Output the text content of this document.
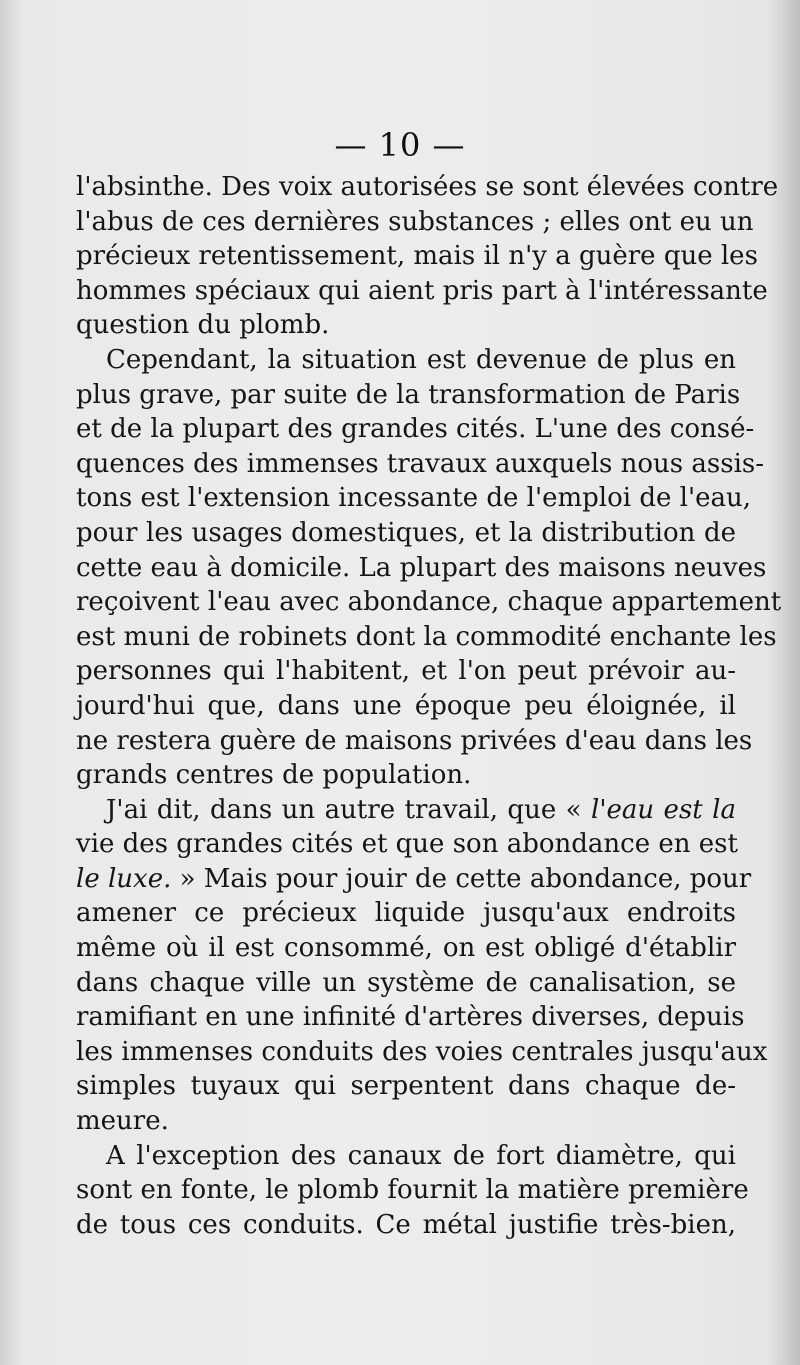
— 10 —
l'absinthe. Des voix autorisées se sont élevées contre
l'abus de ces dernières substances ; elles ont eu un
précieux retentissement, mais il n'y a guère que les
hommes spéciaux qui aient pris part à l'intéressante
question du plomb.
Cependant, la situation est devenue de plus en
plus grave, par suite de la transformation de Paris
et de la plupart des grandes cités. L'une des consé-
quences des immenses travaux auxquels nous assis-
tons est l'extension incessante de l'emploi de l'eau,
pour les usages domestiques, et la distribution de
cette eau à domicile. La plupart des maisons neuves
reçoivent l'eau avec abondance, chaque appartement
est muni de robinets dont la commodité enchante les
personnes qui l'habitent, et l'on peut prévoir au-
jourd'hui que, dans une époque peu éloignée, il
ne restera guère de maisons privées d'eau dans les
grands centres de population.
J'ai dit, dans un autre travail, que « l'eau est la
vie des grandes cités et que son abondance en est
le luxe. » Mais pour jouir de cette abondance, pour
amener ce précieux liquide jusqu'aux endroits
même où il est consommé, on est obligé d'établir
dans chaque ville un système de canalisation, se
ramifiant en une infinité d'artères diverses, depuis
les immenses conduits des voies centrales jusqu'aux
simples tuyaux qui serpentent dans chaque de-
meure.
A l'exception des canaux de fort diamètre, qui
sont en fonte, le plomb fournit la matière première
de tous ces conduits. Ce métal justifie très-bien,
